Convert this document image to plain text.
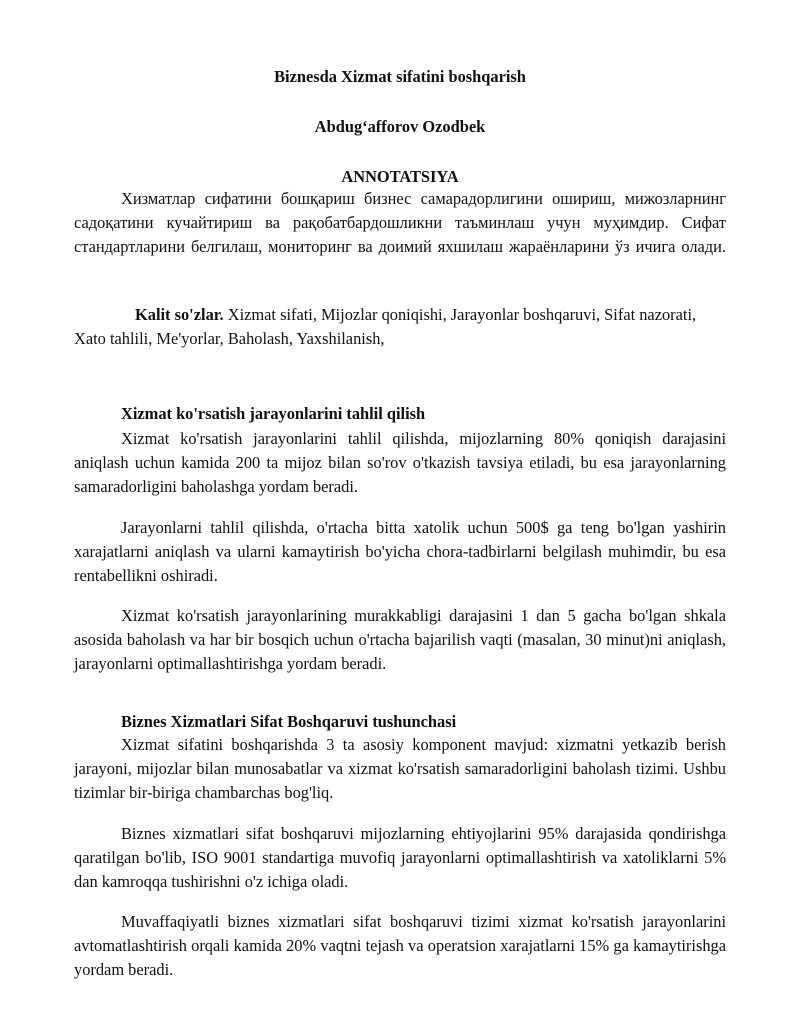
Biznesda Xizmat sifatini boshqarish
Abdug‘afforov Ozodbek
ANNOTATSIYA

Хизматлар сифатини бошқариш бизнес самарадорлигини ошириш, мижозларнинг садоқатини кучайтириш ва рақобатбардошликни таъминлаш учун муҳимдир. Сифат стандартларини белгилаш, мониторинг ва доимий яхшилаш жараёнларини ўз ичига олади.

Kalit so'zlar. Xizmat sifati, Mijozlar qoniqishi, Jarayonlar boshqaruvi, Sifat nazorati, Xato tahlili, Me'yorlar, Baholash, Yaxshilanish,

Xizmat ko'rsatish jarayonlarini tahlil qilish

Xizmat ko'rsatish jarayonlarini tahlil qilishda, mijozlarning 80% qoniqish darajasini aniqlash uchun kamida 200 ta mijoz bilan so'rov o'tkazish tavsiya etiladi, bu esa jarayonlarning samaradorligini baholashga yordam beradi.

Jarayonlarni tahlil qilishda, o'rtacha bitta xatolik uchun 500$ ga teng bo'lgan yashirin xarajatlarni aniqlash va ularni kamaytirish bo'yicha chora-tadbirlarni belgilash muhimdir, bu esa rentabellikni oshiradi.

Xizmat ko'rsatish jarayonlarining murakkabligi darajasini 1 dan 5 gacha bo'lgan shkala asosida baholash va har bir bosqich uchun o'rtacha bajarilish vaqti (masalan, 30 minut)ni aniqlash, jarayonlarni optimallashtirishga yordam beradi.

Biznes Xizmatlari Sifat Boshqaruvi tushunchasi

Xizmat sifatini boshqarishda 3 ta asosiy komponent mavjud: xizmatni yetkazib berish jarayoni, mijozlar bilan munosabatlar va xizmat ko'rsatish samaradorligini baholash tizimi. Ushbu tizimlar bir-biriga chambarchas bog'liq.

Biznes xizmatlari sifat boshqaruvi mijozlarning ehtiyojlarini 95% darajasida qondirishga qaratilgan bo'lib, ISO 9001 standartiga muvofiq jarayonlarni optimallashtirish va xatoliklarni 5% dan kamroqqa tushirishni o'z ichiga oladi.

Muvaffaqiyatli biznes xizmatlari sifat boshqaruvi tizimi xizmat ko'rsatish jarayonlarini avtomatlashtirish orqali kamida 20% vaqtni tejash va operatsion xarajatlarni 15% ga kamaytirishga yordam beradi.
